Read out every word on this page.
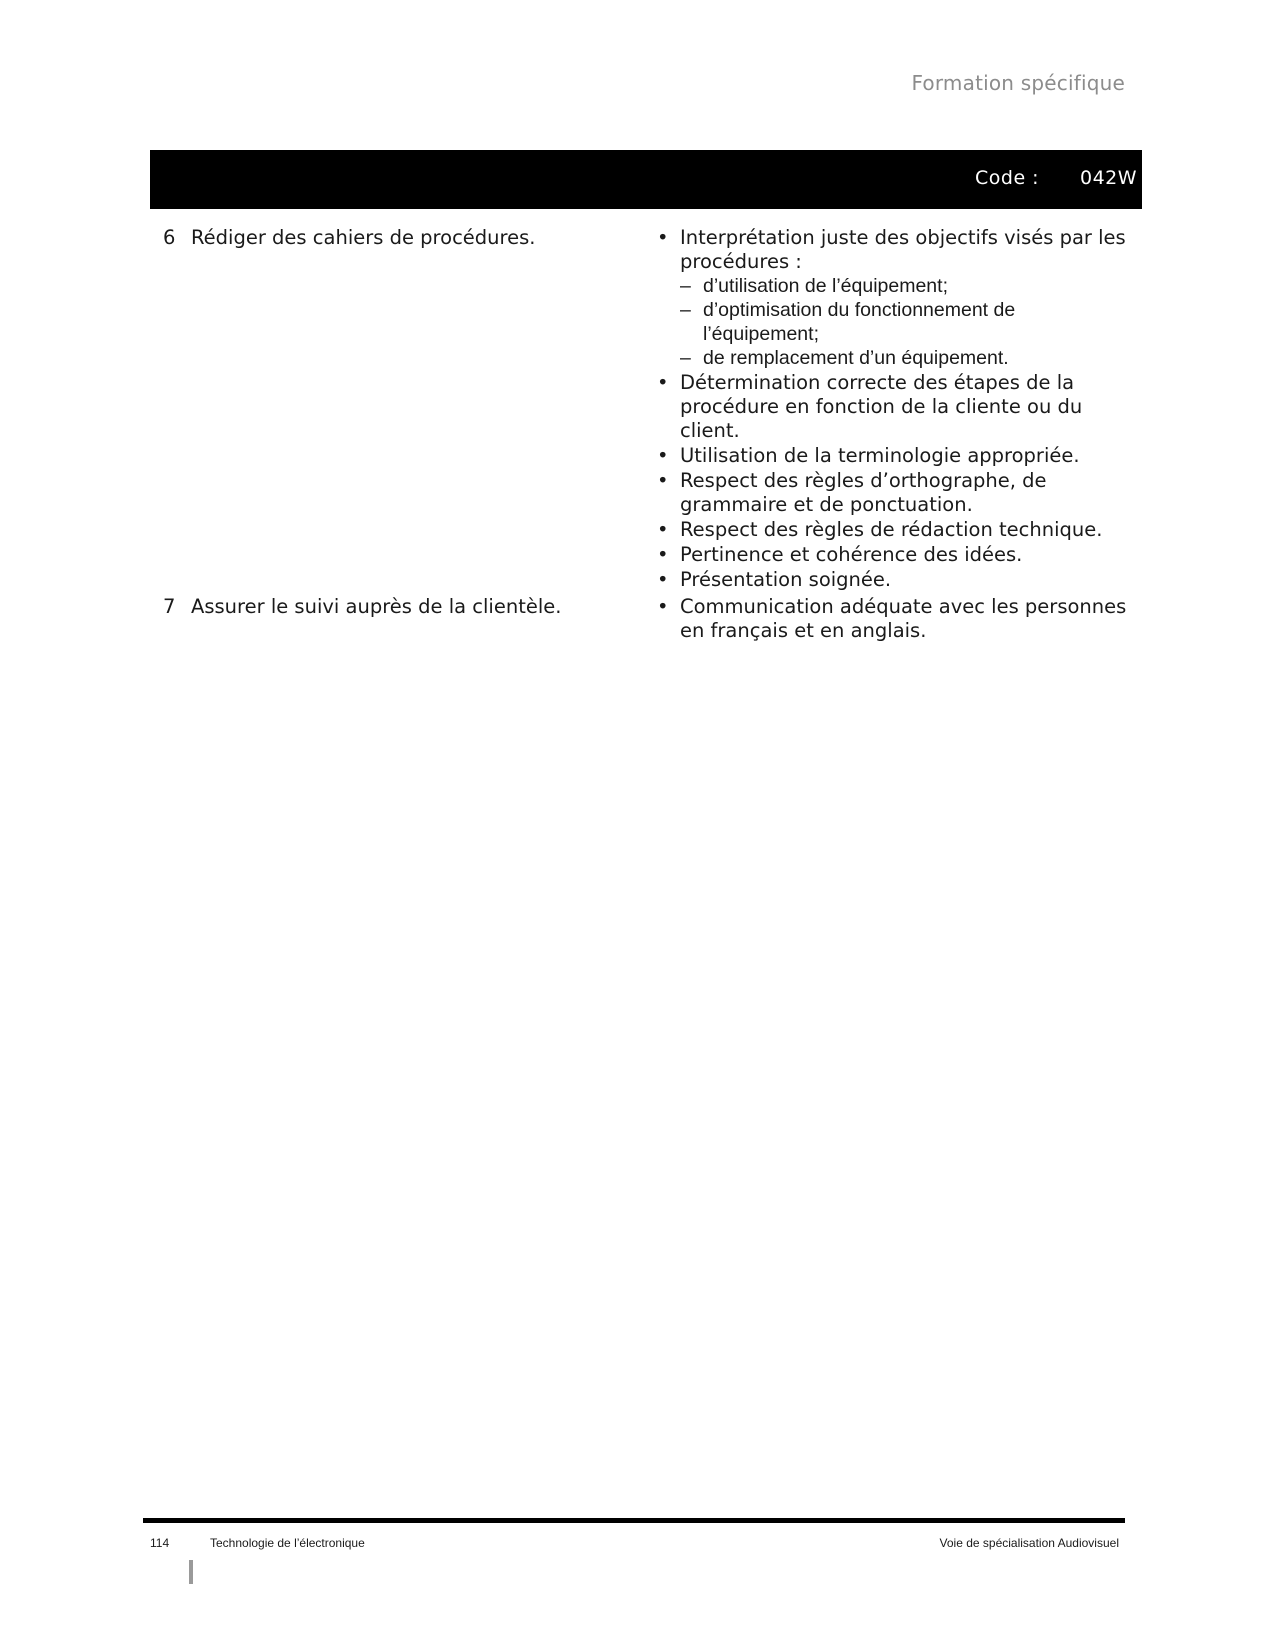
Formation spécifique
Code : 042W
6 Rédiger des cahiers de procédures.	• Interprétation juste des objectifs visés par les procédures :
– d’utilisation de l’équipement;
– d’optimisation du fonctionnement de l’équipement;
– de remplacement d’un équipement.
• Détermination correcte des étapes de la procédure en fonction de la cliente ou du client.
• Utilisation de la terminologie appropriée.
• Respect des règles d’orthographe, de grammaire et de ponctuation.
• Respect des règles de rédaction technique.
• Pertinence et cohérence des idées.
• Présentation soignée.
7 Assurer le suivi auprès de la clientèle.	• Communication adéquate avec les personnes en français et en anglais.
114	Technologie de l’électronique	Voie de spécialisation Audiovisuel
